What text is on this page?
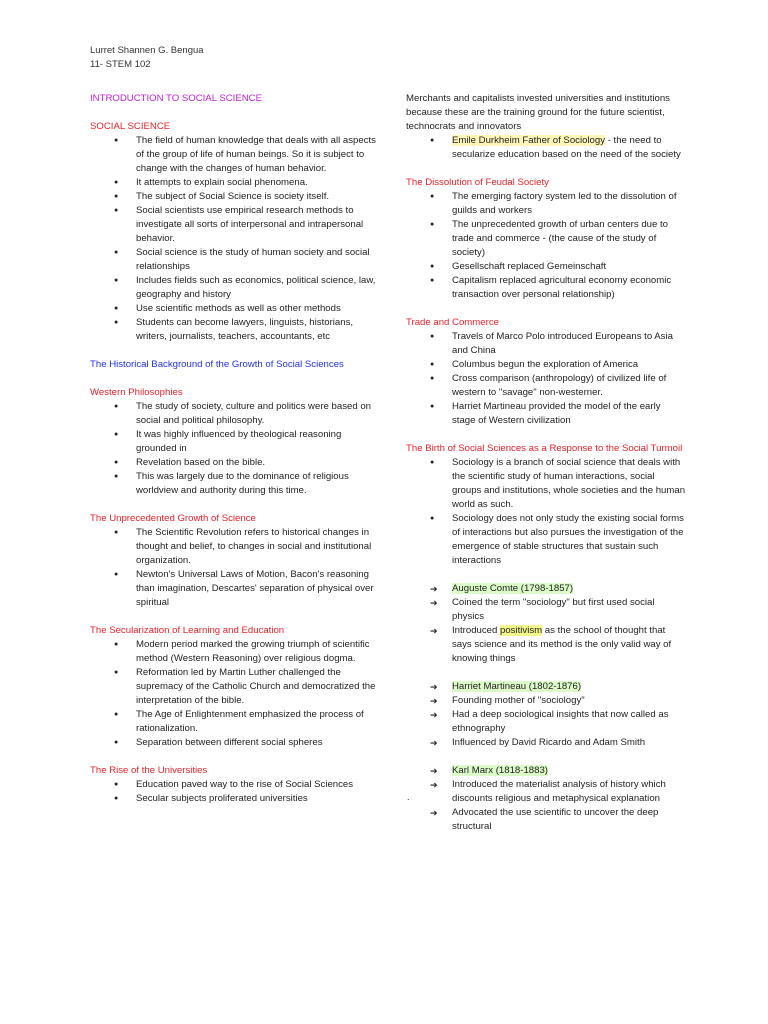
Lurret Shannen G. Bengua
11- STEM 102

INTRODUCTION TO SOCIAL SCIENCE

SOCIAL SCIENCE

● The field of human knowledge that deals with all aspects of the group of life of human beings. So it is subject to change with the changes of human behavior.
● It attempts to explain social phenomena.
● The subject of Social Science is society itself.
● Social scientists use empirical research methods to investigate all sorts of interpersonal and intrapersonal behavior.
● Social science is the study of human society and social relationships
● Includes fields such as economics, political science, law, geography and history
● Use scientific methods as well as other methods
● Students can become lawyers, linguists, historians, writers, journalists, teachers, accountants, etc

The Historical Background of the Growth of Social Sciences

Western Philosophies

● The study of society, culture and politics were based on social and political philosophy.
● It was highly influenced by theological reasoning grounded in
● Revelation based on the bible.
● This was largely due to the dominance of religious worldview and authority during this time.

The Unprecedented Growth of Science

● The Scientific Revolution refers to historical changes in thought and belief, to changes in social and institutional organization.
● Newton's Universal Laws of Motion, Bacon's reasoning than imagination, Descartes' separation of physical over spiritual

The Secularization of Learning and Education

● Modern period marked the growing triumph of scientific method (Western Reasoning) over religious dogma.
● Reformation led by Martin Luther challenged the supremacy of the Catholic Church and democratized the interpretation of the bible.
● The Age of Enlightenment emphasized the process of rationalization.
● Separation between different social spheres

The Rise of the Universities

● Education paved way to the rise of Social Sciences
● Secular subjects proliferated universities

Merchants and capitalists invested universities and institutions because these are the training ground for the future scientist, technocrats and innovators

● Emile Durkheim Father of Sociology - the need to secularize education based on the need of the society

The Dissolution of Feudal Society

● The emerging factory system led to the dissolution of guilds and workers
● The unprecedented growth of urban centers due to trade and commerce - (the cause of the study of society)
● Gesellschaft replaced Gemeinschaft
● Capitalism replaced agricultural economy economic transaction over personal relationship)

Trade and Commerce

● Travels of Marco Polo introduced Europeans to Asia and China
● Columbus begun the exploration of America
● Cross comparison (anthropology) of civilized life of western to "savage" non-westerner.
● Harriet Martineau provided the model of the early stage of Western civilization

The Birth of Social Sciences as a Response to the Social Turmoil

● Sociology is a branch of social science that deals with the scientific study of human interactions, social groups and institutions, whole societies and the human world as such.
● Sociology does not only study the existing social forms of interactions but also pursues the investigation of the emergence of stable structures that sustain such interactions
➔ Auguste Comte (1798-1857)
➔ Coined the term "sociology" but first used social physics
➔ Introduced positivism as the school of thought that says science and its method is the only valid way of knowing things
➔ Harriet Martineau (1802-1876)
➔ Founding mother of "sociology"
➔ Had a deep sociological insights that now called as ethnography
➔ Influenced by David Ricardo and Adam Smith
➔ Karl Marx (1818-1883)
➔ Introduced the materialist analysis of history which discounts religious and metaphysical explanation
➔ Advocated the use scientific to uncover the deep structural
.
